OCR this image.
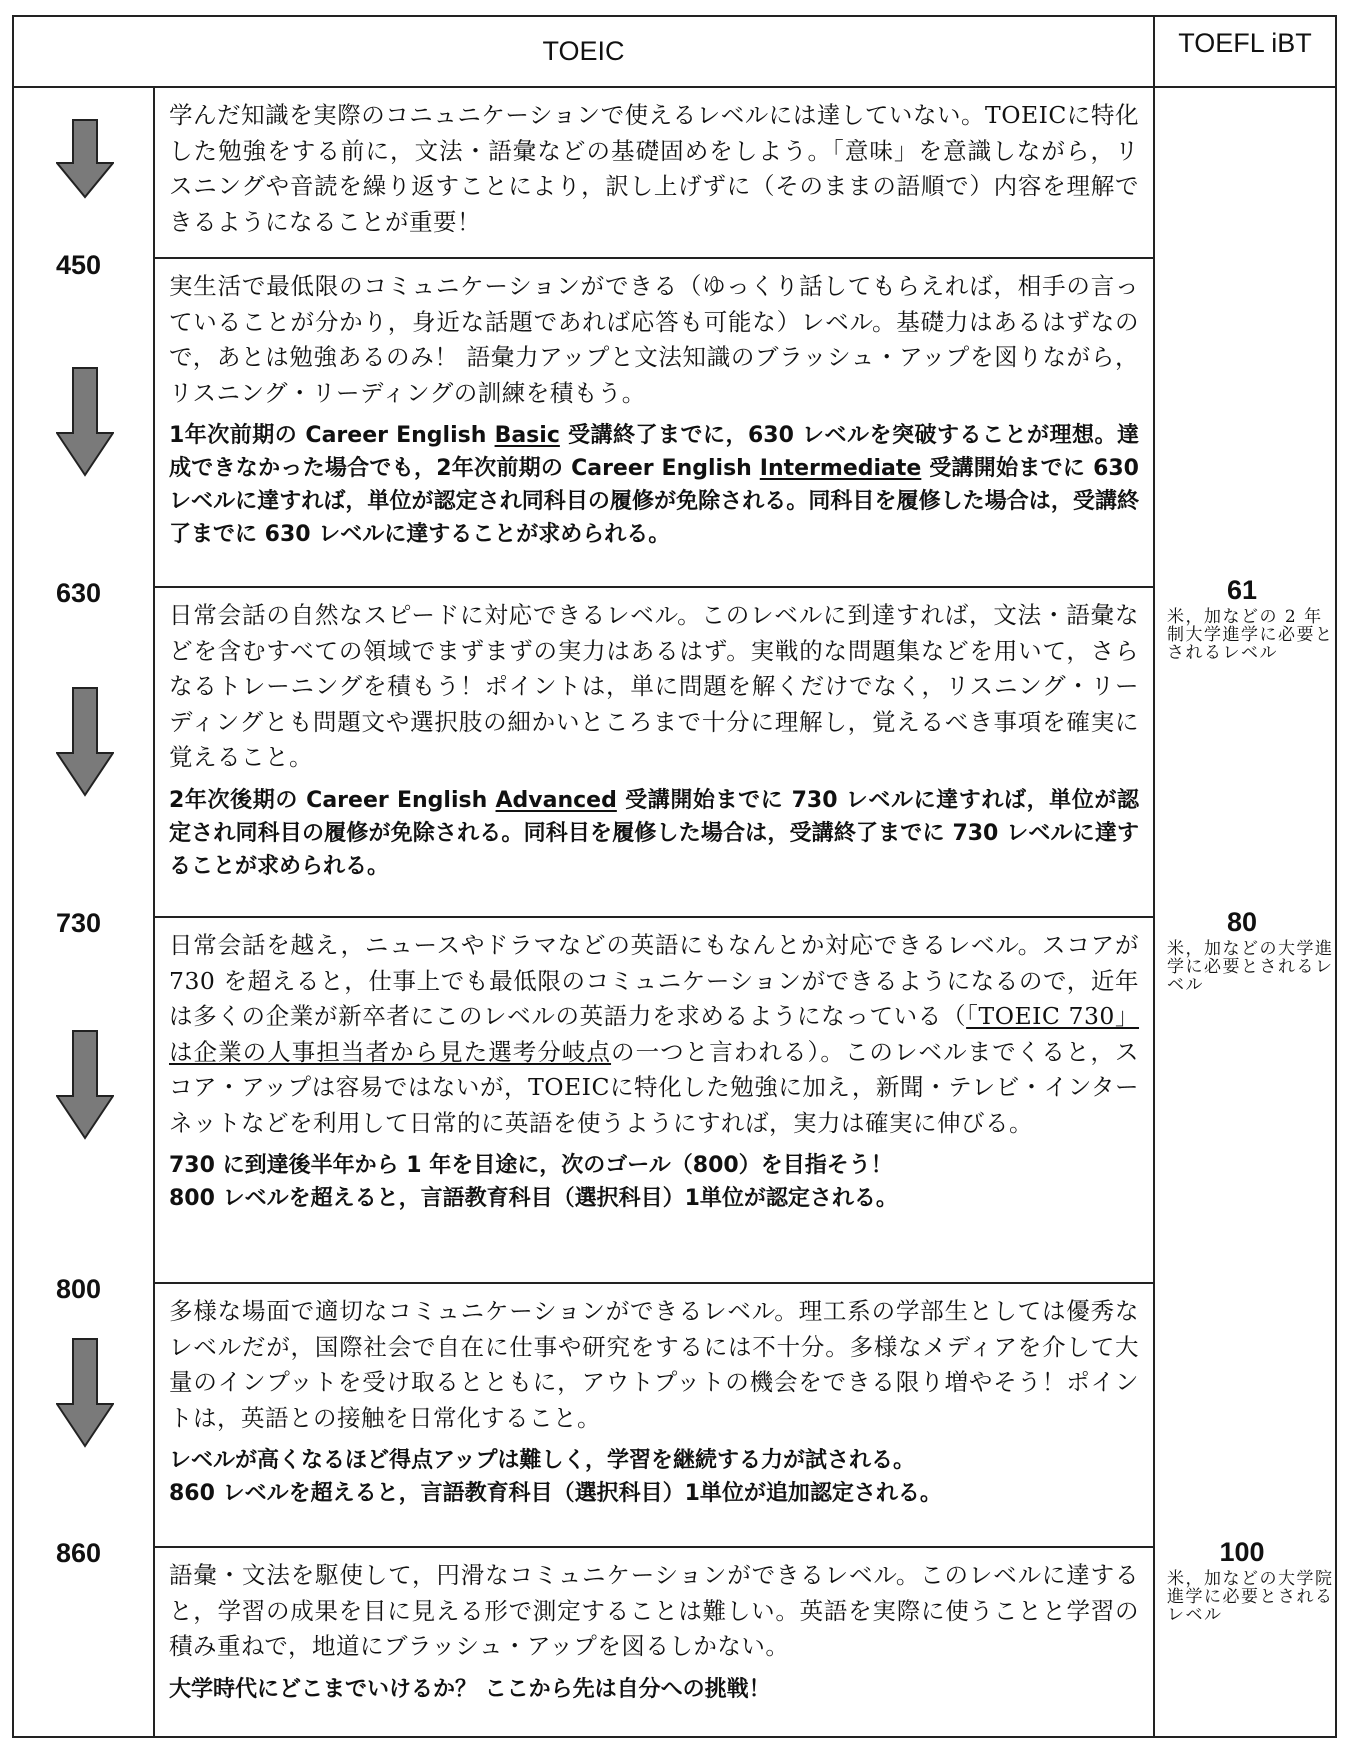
TOEIC	TOEFL iBT
450
630
730
800
860

学んだ知識を実際のコニュニケーションで使えるレベルには達していない。TOEICに特化した勉強をする前に，文法・語彙などの基礎固めをしよう。「意味」を意識しながら，リスニングや音読を繰り返すことにより，訳し上げずに（そのままの語順で）内容を理解できるようになることが重要！

実生活で最低限のコミュニケーションができる（ゆっくり話してもらえれば，相手の言っていることが分かり，身近な話題であれば応答も可能な）レベル。基礎力はあるはずなので，あとは勉強あるのみ！ 語彙力アップと文法知識のブラッシュ・アップを図りながら，リスニング・リーディングの訓練を積もう。

1年次前期の Career English Basic 受講終了までに，630 レベルを突破することが理想。達成できなかった場合でも，2年次前期の Career English Intermediate 受講開始までに 630 レベルに達すれば，単位が認定され同科目の履修が免除される。同科目を履修した場合は，受講終了までに 630 レベルに達することが求められる。

日常会話の自然なスピードに対応できるレベル。このレベルに到達すれば，文法・語彙などを含むすべての領域でまずまずの実力はあるはず。実戦的な問題集などを用いて，さらなるトレーニングを積もう！ポイントは，単に問題を解くだけでなく，リスニング・リーディングとも問題文や選択肢の細かいところまで十分に理解し，覚えるべき事項を確実に覚えること。

2年次後期の Career English Advanced 受講開始までに 730 レベルに達すれば，単位が認定され同科目の履修が免除される。同科目を履修した場合は，受講終了までに 730 レベルに達することが求められる。

日常会話を越え，ニュースやドラマなどの英語にもなんとか対応できるレベル。スコアが 730 を超えると，仕事上でも最低限のコミュニケーションができるようになるので，近年は多くの企業が新卒者にこのレベルの英語力を求めるようになっている（「TOEIC 730」は企業の人事担当者から見た選考分岐点の一つと言われる）。このレベルまでくると，スコア・アップは容易ではないが，TOEICに特化した勉強に加え，新聞・テレビ・インターネットなどを利用して日常的に英語を使うようにすれば，実力は確実に伸びる。

730 に到達後半年から 1 年を目途に，次のゴール（800）を目指そう！
800 レベルを超えると，言語教育科目（選択科目）1単位が認定される。

多様な場面で適切なコミュニケーションができるレベル。理工系の学部生としては優秀なレベルだが，国際社会で自在に仕事や研究をするには不十分。多様なメディアを介して大量のインプットを受け取るとともに，アウトプットの機会をできる限り増やそう！ポイントは，英語との接触を日常化すること。

レベルが高くなるほど得点アップは難しく，学習を継続する力が試される。
860 レベルを超えると，言語教育科目（選択科目）1単位が追加認定される。

語彙・文法を駆使して，円滑なコミュニケーションができるレベル。このレベルに達すると，学習の成果を目に見える形で測定することは難しい。英語を実際に使うことと学習の積み重ねで，地道にブラッシュ・アップを図るしかない。

大学時代にどこまでいけるか？ ここから先は自分への挑戦！

61
米，加などの 2 年制大学進学に必要とされるレベル
80
米，加などの大学進学に必要とされるレベル
100
米，加などの大学院進学に必要とされるレベル
